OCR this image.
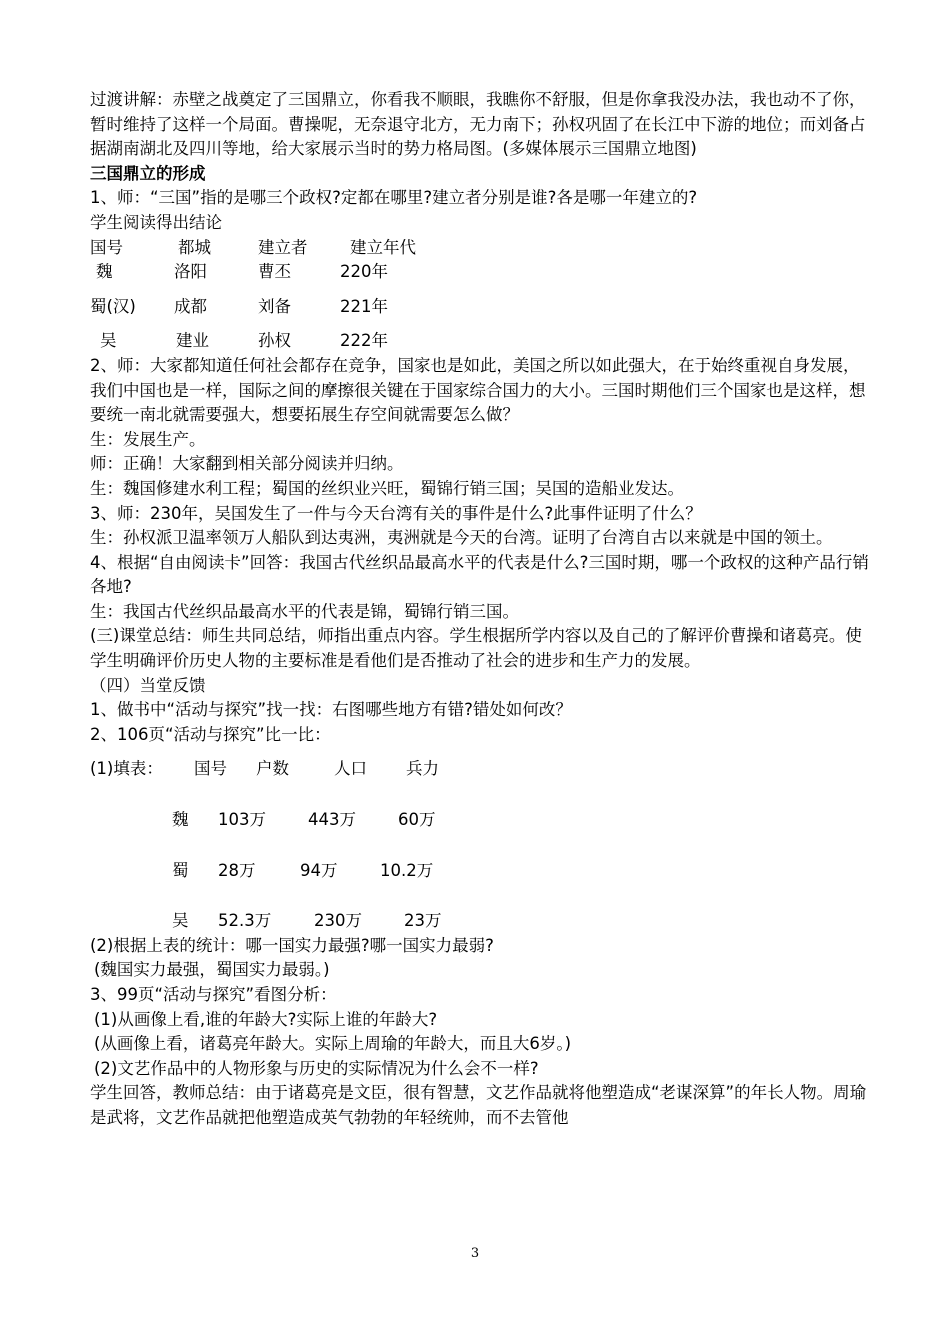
过渡讲解：赤壁之战奠定了三国鼎立，你看我不顺眼，我瞧你不舒服，但是你拿我没办法，我也动不了你，暂时维持了这样一个局面。曹操呢，无奈退守北方，无力南下；孙权巩固了在长江中下游的地位；而刘备占据湖南湖北及四川等地，给大家展示当时的势力格局图。(多媒体展示三国鼎立地图)

三国鼎立的形成

1、师：“三国”指的是哪三个政权?定都在哪里?建立者分别是谁?各是哪一年建立的?

学生阅读得出结论

国号	都城	建立者	建立年代
魏	洛阳	曹丕	220年
蜀(汉) 成都	刘备	221年
吴	建业	孙权	222年

2、师：大家都知道任何社会都存在竞争，国家也是如此，美国之所以如此强大，在于始终重视自身发展，我们中国也是一样，国际之间的摩擦很关键在于国家综合国力的大小。三国时期他们三个国家也是这样，想要统一南北就需要强大，想要拓展生存空间就需要怎么做？

生：发展生产。

师：正确！大家翻到相关部分阅读并归纳。

生：魏国修建水利工程；蜀国的丝织业兴旺，蜀锦行销三国；吴国的造船业发达。

3、师：230年，吴国发生了一件与今天台湾有关的事件是什么?此事件证明了什么？

生：孙权派卫温率领万人船队到达夷洲，夷洲就是今天的台湾。证明了台湾自古以来就是中国的领土。

4、根据“自由阅读卡”回答：我国古代丝织品最高水平的代表是什么?三国时期，哪一个政权的这种产品行销各地?

生：我国古代丝织品最高水平的代表是锦，蜀锦行销三国。

(三)课堂总结：师生共同总结，师指出重点内容。学生根据所学内容以及自己的了解评价曹操和诸葛亮。使学生明确评价历史人物的主要标准是看他们是否推动了社会的进步和生产力的发展。

（四）当堂反馈

1、做书中“活动与探究”找一找：右图哪些地方有错?错处如何改？

2、106页“活动与探究”比一比：

(1)填表： 国号 户数	人口 兵力
魏 103万	443万	60万
蜀 28万	94万	10.2万
吴 52.3万	230万	23万

(2)根据上表的统计：哪一国实力最强?哪一国实力最弱?

(魏国实力最强，蜀国实力最弱。)

3、99页“活动与探究”看图分析：

(1)从画像上看,谁的年龄大?实际上谁的年龄大?

(从画像上看，诸葛亮年龄大。实际上周瑜的年龄大，而且大6岁。)

(2)文艺作品中的人物形象与历史的实际情况为什么会不一样?

学生回答，教师总结：由于诸葛亮是文臣，很有智慧，文艺作品就将他塑造成“老谋深算”的年长人物。周瑜是武将，文艺作品就把他塑造成英气勃勃的年轻统帅，而不去管他

3
